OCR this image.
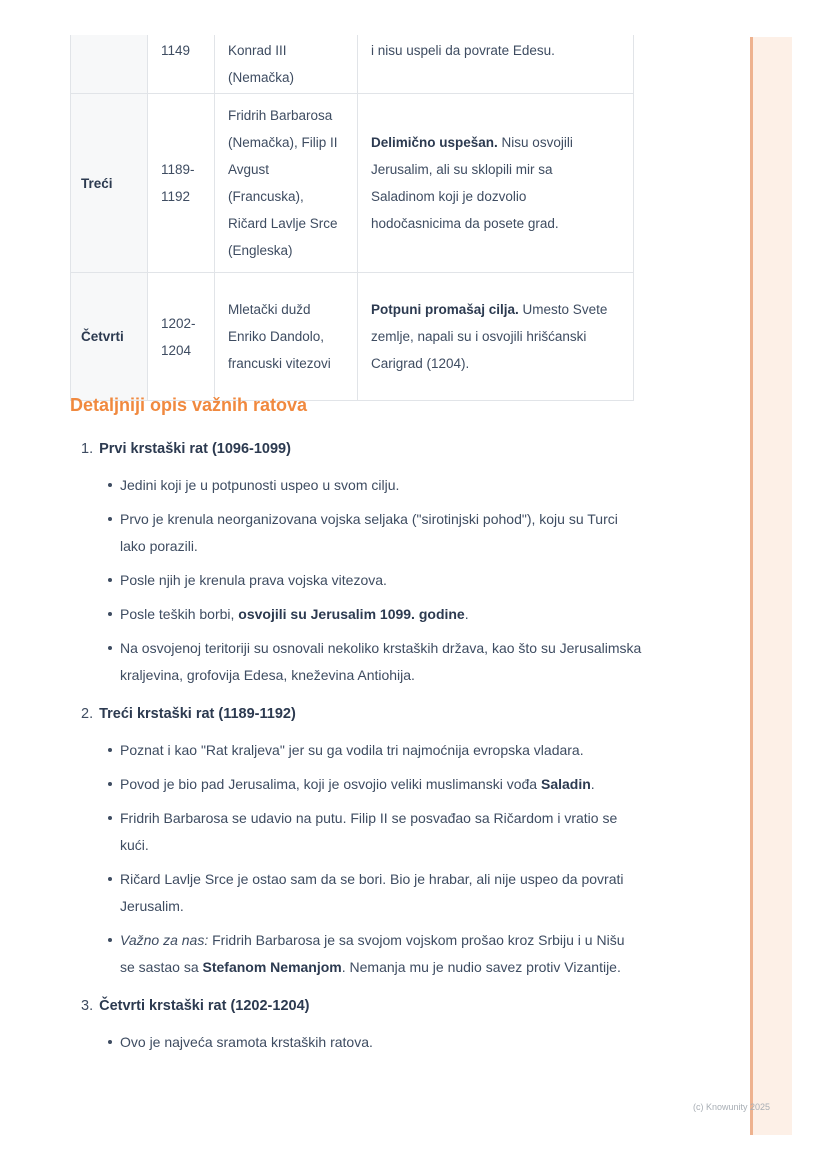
	1149	Konrad III (Nemačka)	i nisu uspeli da povrate Edesu.
Treći	1189-1192	Fridrih Barbarosa (Nemačka), Filip II Avgust (Francuska), Ričard Lavlje Srce (Engleska)	Delimično uspešan. Nisu osvojili Jerusalim, ali su sklopili mir sa Saladinom koji je dozvolio hodočasnicima da posete grad.
Četvrti	1202-1204	Mletački dužd Enriko Dandolo, francuski vitezovi	Potpuni promašaj cilja. Umesto Svete zemlje, napali su i osvojili hrišćanski Carigrad (1204).
Detaljniji opis važnih ratova
1. Prvi krstaški rat (1096-1099)
Jedini koji je u potpunosti uspeo u svom cilju.
Prvo je krenula neorganizovana vojska seljaka ("sirotinjski pohod"), koju su Turci lako porazili.
Posle njih je krenula prava vojska vitezova.
Posle teških borbi, osvojili su Jerusalim 1099. godine.
Na osvojenoj teritoriji su osnovali nekoliko krstaških država, kao što su Jerusalimska kraljevina, grofovija Edesa, kneževina Antiohija.
2. Treći krstaški rat (1189-1192)
Poznat i kao "Rat kraljeva" jer su ga vodila tri najmoćnija evropska vladara.
Povod je bio pad Jerusalima, koji je osvojio veliki muslimanski vođa Saladin.
Fridrih Barbarosa se udavio na putu. Filip II se posvađao sa Ričardom i vratio se kući.
Ričard Lavlje Srce je ostao sam da se bori. Bio je hrabar, ali nije uspeo da povrati Jerusalim.
Važno za nas: Fridrih Barbarosa je sa svojom vojskom prošao kroz Srbiju i u Nišu se sastao sa Stefanom Nemanjom. Nemanja mu je nudio savez protiv Vizantije.
3. Četvrti krstaški rat (1202-1204)
Ovo je najveća sramota krstaških ratova.
(c) Knowunity 2025
